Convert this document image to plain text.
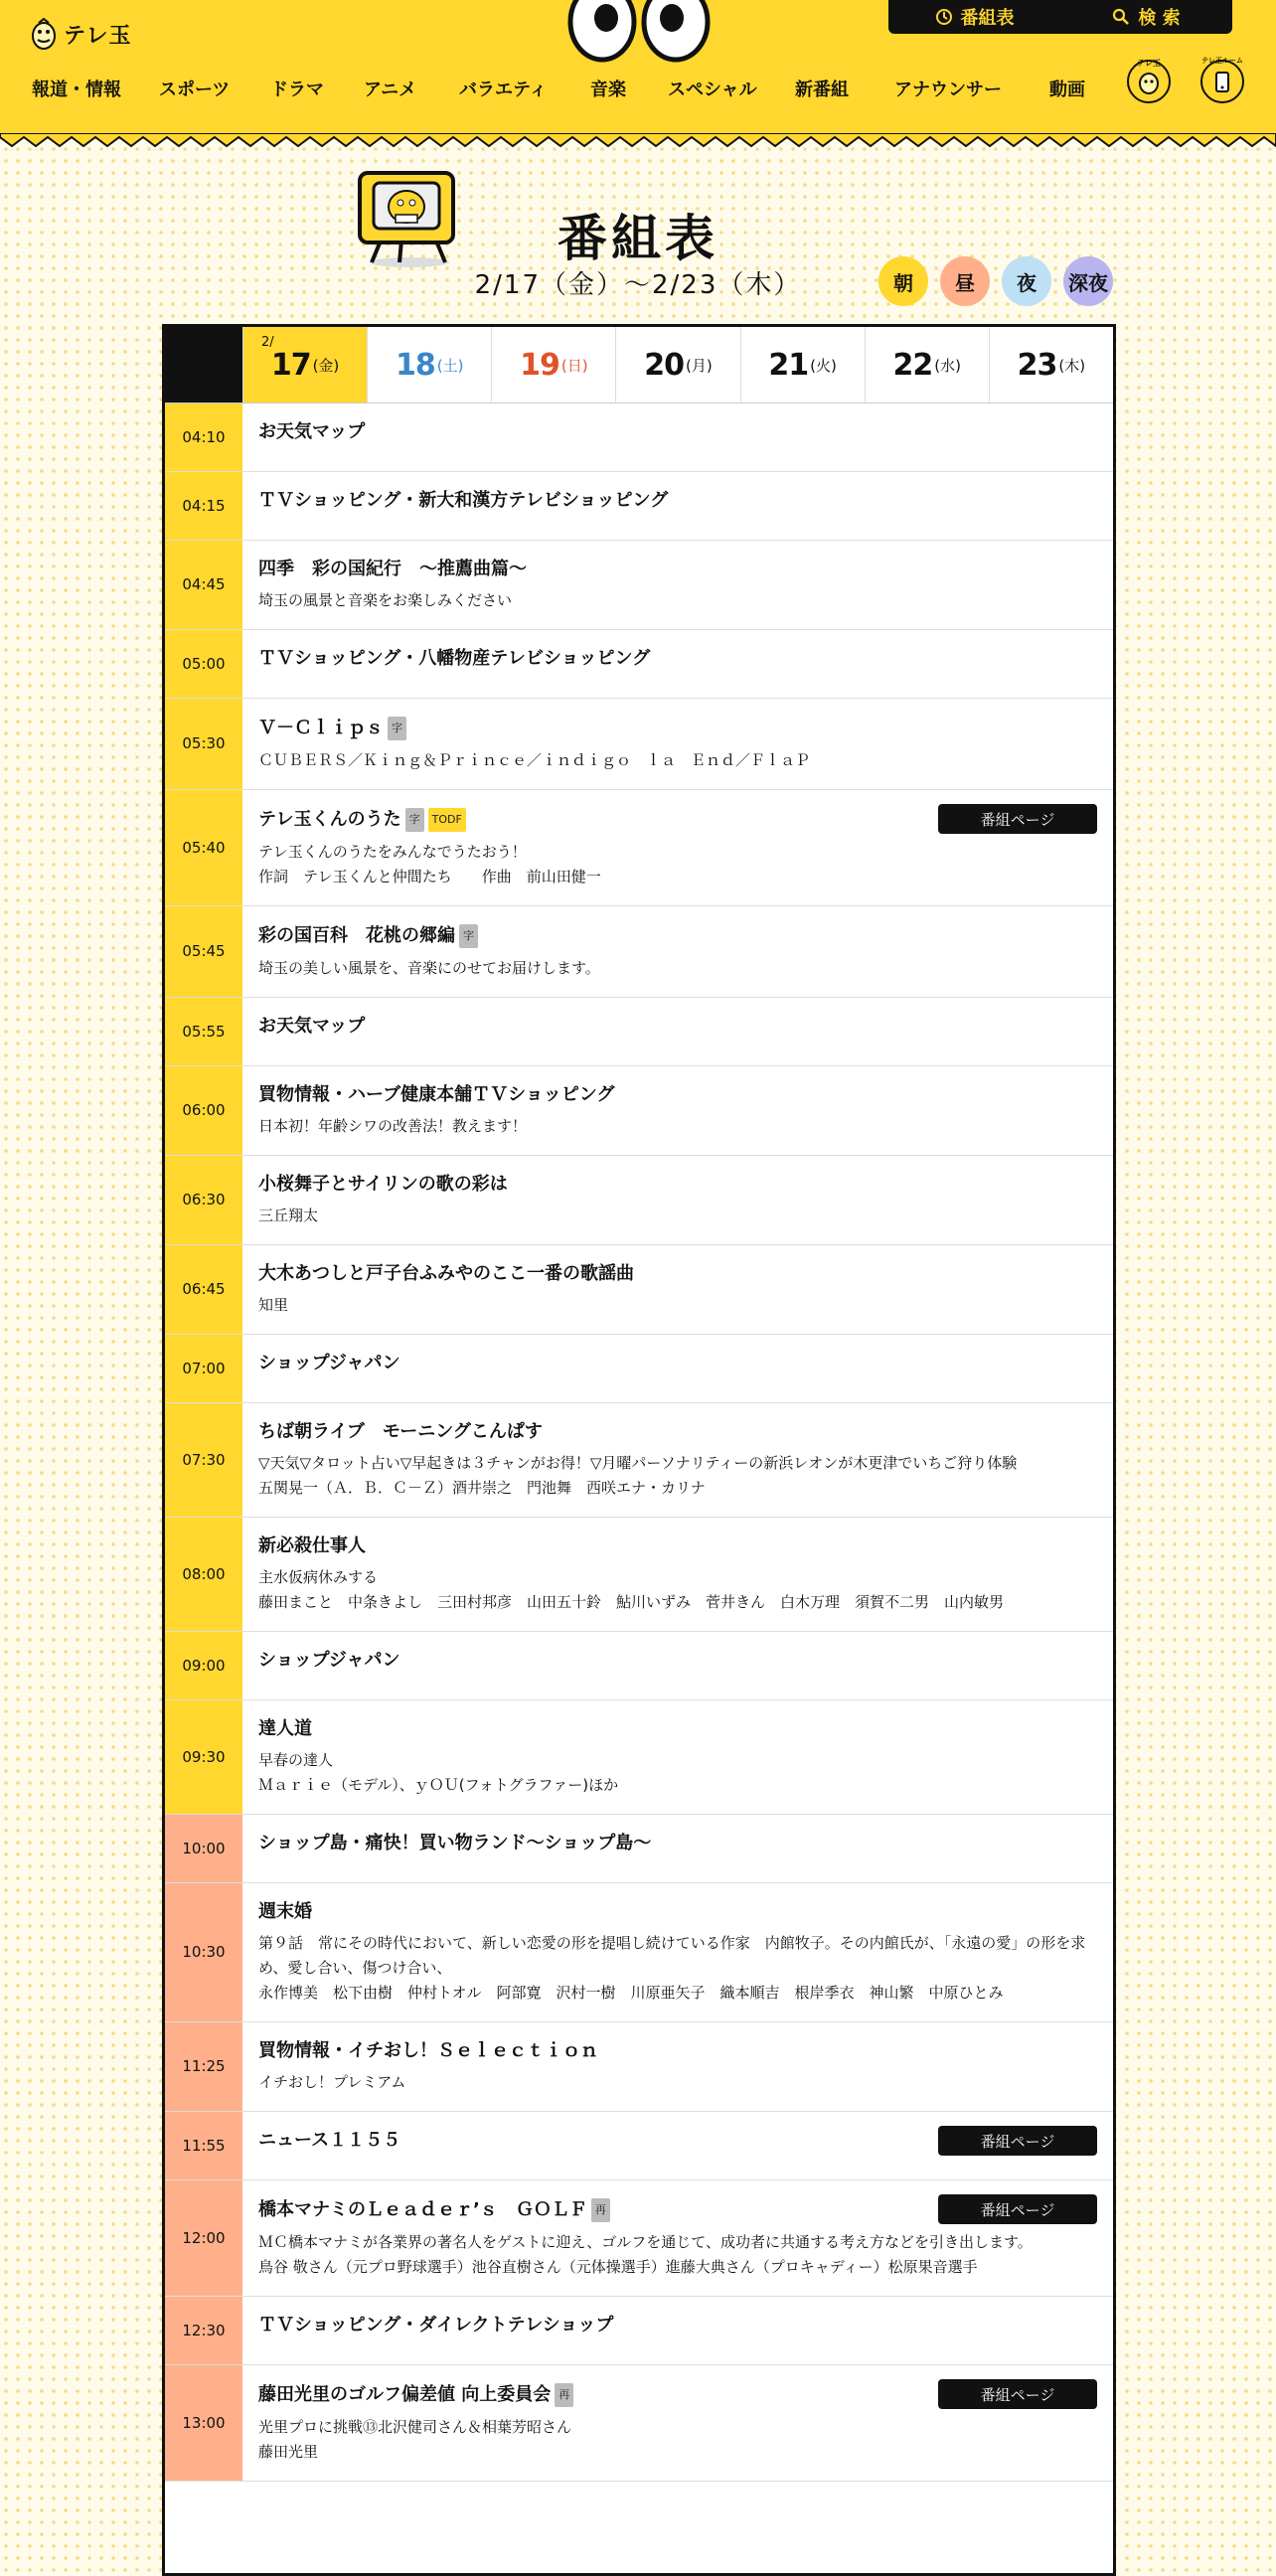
テレ玉
番組表	検 索
報道・情報 スポーツ ドラマ アニメ バラエティ 音楽 スペシャル 新番組	アナウンサー	動画
テレ玉	テレ玉ルーム
番組表
2/17（金）〜2/23（木）	朝 昼 夜 深夜
2/
17 (金) 18 (土) 19 (日) 20 (月) 21 (火) 22 (水) 23 (木)
04:10	お天気マップ
04:15	ＴＶショッピング・新大和漢方テレビショッピング
04:45
四季　彩の国紀行　～推薦曲篇～
埼玉の風景と音楽をお楽しみください
05:00	ＴＶショッピング・八幡物産テレビショッピング
05:30
Ｖ－Ｃｌｉｐｓ 字
ＣＵＢＥＲＳ／Ｋｉｎｇ＆Ｐｒｉｎｃｅ／ｉｎｄｉｇｏ　ｌａ　Ｅｎｄ／ＦｌａＰ
05:40
テレ玉くんのうた 字 TODF
テレ玉くんのうたをみんなでうたおう！
作詞　テレ玉くんと仲間たち　　作曲　前山田健一
番組ページ
05:45
彩の国百科　花桃の郷編 字
埼玉の美しい風景を、音楽にのせてお届けします。
05:55	お天気マップ
06:00
買物情報・ハーブ健康本舗ＴＶショッピング
日本初！年齢シワの改善法！教えます！
06:30
小桜舞子とサイリンの歌の彩は
三丘翔太
06:45
大木あつしと戸子台ふみやのここ一番の歌謡曲
知里
07:00	ショップジャパン
07:30
ちば朝ライブ　モーニングこんぱす
▽天気▽タロット占い▽早起きは３チャンがお得！▽月曜パーソナリティーの新浜レオンが木更津でいちご狩り体験
五関晃一（Ａ．Ｂ．Ｃ－Ｚ）酒井崇之　門池舞　西咲エナ・カリナ
08:00
新必殺仕事人
主水仮病休みする
藤田まこと　中条きよし　三田村邦彦　山田五十鈴　鮎川いずみ　菅井きん　白木万理　須賀不二男　山内敏男
09:00	ショップジャパン
09:30
達人道
早春の達人
Ｍａｒｉｅ（モデル）、ｙＯＵ(フォトグラファー)ほか
10:00	ショップ島・痛快！買い物ランド～ショップ島～
10:30
週末婚
第９話　常にその時代において、新しい恋愛の形を提唱し続けている作家　内館牧子。その内館氏が、「永遠の愛」の形を求め、愛し合い、傷つけ合い、
永作博美　松下由樹　仲村トオル　阿部寛　沢村一樹　川原亜矢子　織本順吉　根岸季衣　神山繁　中原ひとみ
11:25
買物情報・イチおし！Ｓｅｌｅｃｔｉｏｎ
イチおし！プレミアム
11:55	ニュース１１５５	番組ページ
12:00
橋本マナミのＬｅａｄｅｒ’ｓ　ＧＯＬＦ 再
ＭＣ橋本マナミが各業界の著名人をゲストに迎え、ゴルフを通じて、成功者に共通する考え方などを引き出します。
鳥谷 敬さん（元プロ野球選手）池谷直樹さん（元体操選手）進藤大典さん（プロキャディー）松原果音選手
番組ページ
12:30	ＴＶショッピング・ダイレクトテレショップ
13:00
藤田光里のゴルフ偏差値 向上委員会 再
光里プロに挑戦⑬北沢健司さん＆相葉芳昭さん
藤田光里
番組ページ
